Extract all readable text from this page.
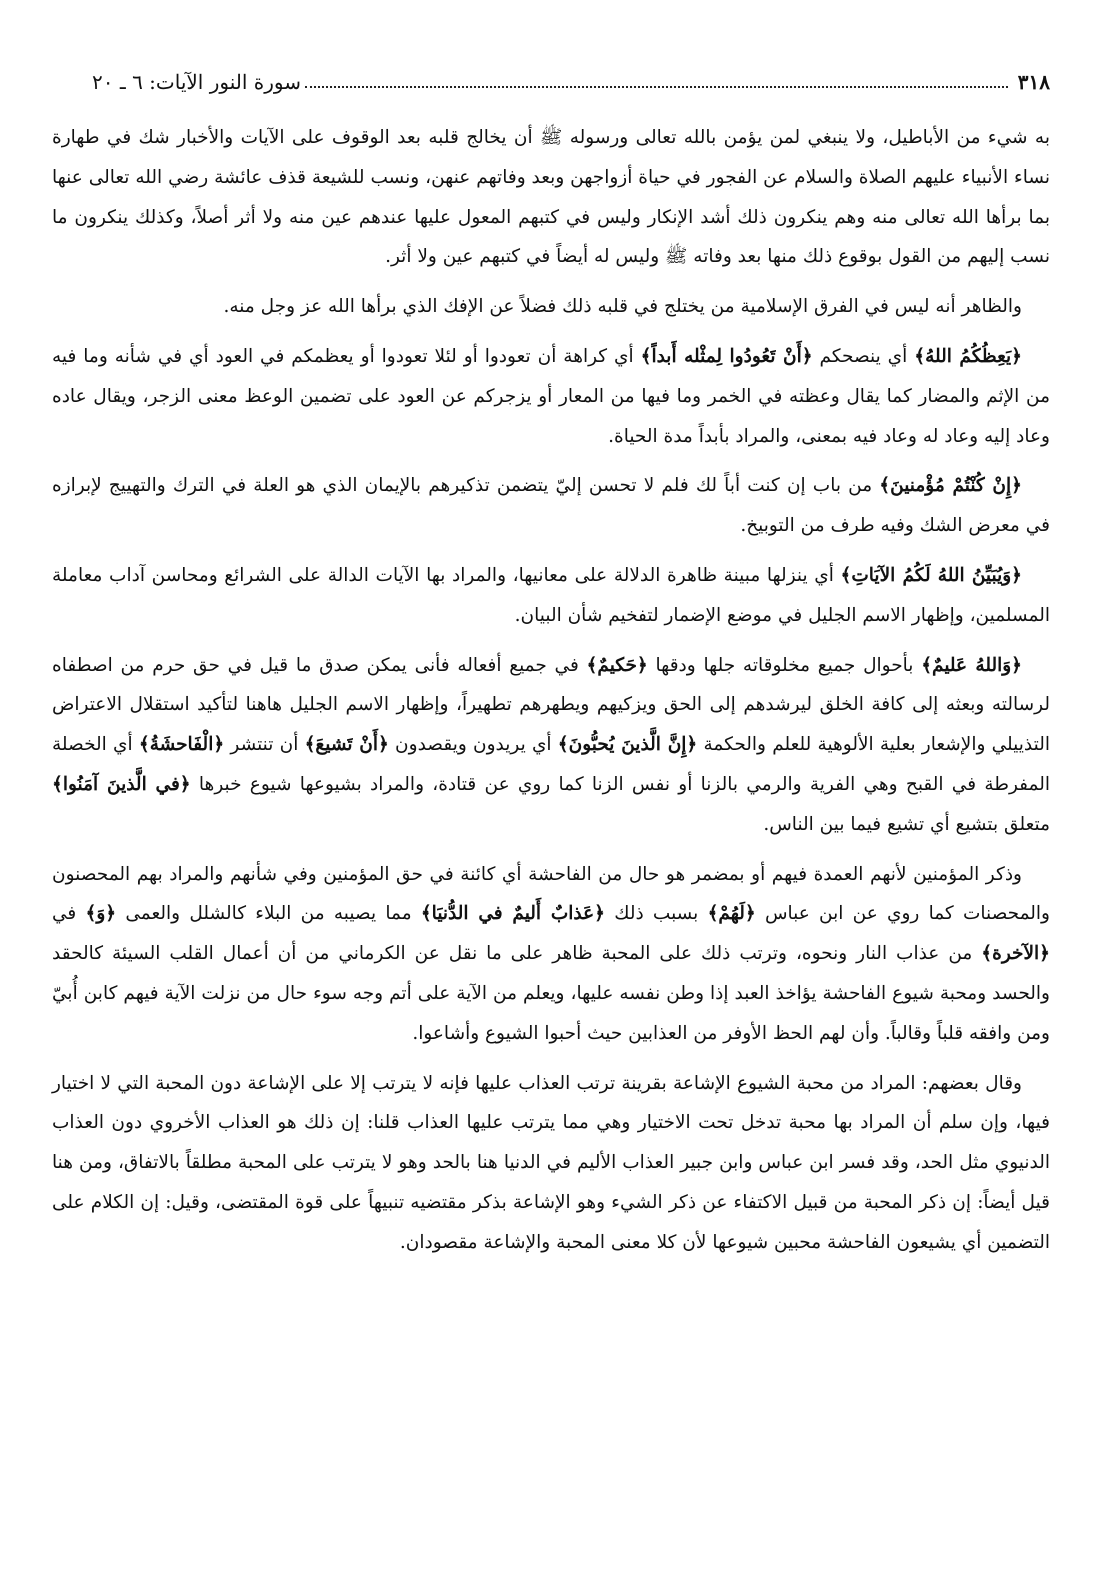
٣١٨
سورة النور الآيات: ٦ ـ ٢٠

به شيء من الأباطيل، ولا ينبغي لمن يؤمن بالله تعالى ورسوله ﷺ أن يخالج قلبه بعد الوقوف على الآيات والأخبار شك في طهارة نساء الأنبياء عليهم الصلاة والسلام عن الفجور في حياة أزواجهن وبعد وفاتهم عنهن، ونسب للشيعة قذف عائشة رضي الله تعالى عنها بما برأها الله تعالى منه وهم ينكرون ذلك أشد الإنكار وليس في كتبهم المعول عليها عندهم عين منه ولا أثر أصلاً، وكذلك ينكرون ما نسب إليهم من القول بوقوع ذلك منها بعد وفاته ﷺ وليس له أيضاً في كتبهم عين ولا أثر.

والظاهر أنه ليس في الفرق الإسلامية من يختلج في قلبه ذلك فضلاً عن الإفك الذي برأها الله عز وجل منه.

﴿يَعِظُكُمُ اللهُ﴾ أي ينصحكم ﴿أَنْ تَعُودُوا لِمثْله أَبداً﴾ أي كراهة أن تعودوا أو لئلا تعودوا أو يعظمكم في العود أي في شأنه وما فيه من الإثم والمضار كما يقال وعظته في الخمر وما فيها من المعار أو يزجركم عن العود على تضمين الوعظ معنى الزجر، ويقال عاده وعاد إليه وعاد له وعاد فيه بمعنى، والمراد بأبداً مدة الحياة.

﴿إِنْ كُنْتُمْ مُؤْمنينَ﴾ من باب إن كنت أباً لك فلم لا تحسن إليّ يتضمن تذكيرهم بالإيمان الذي هو العلة في الترك والتهييج لإبرازه في معرض الشك وفيه طرف من التوبيخ.

﴿وَيُبَيِّنُ اللهُ لَكُمُ الآيَاتِ﴾ أي ينزلها مبينة ظاهرة الدلالة على معانيها، والمراد بها الآيات الدالة على الشرائع ومحاسن آداب معاملة المسلمين، وإظهار الاسم الجليل في موضع الإضمار لتفخيم شأن البيان.

﴿وَاللهُ عَليمٌ﴾ بأحوال جميع مخلوقاته جلها ودقها ﴿حَكيمٌ﴾ في جميع أفعاله فأنى يمكن صدق ما قيل في حق حرم من اصطفاه لرسالته وبعثه إلى كافة الخلق ليرشدهم إلى الحق ويزكيهم ويطهرهم تطهيراً، وإظهار الاسم الجليل هاهنا لتأكيد استقلال الاعتراض التذييلي والإشعار بعلية الألوهية للعلم والحكمة ﴿إِنَّ الَّذينَ يُحبُّونَ﴾ أي يريدون ويقصدون ﴿أَنْ تَشيعَ﴾ أن تنتشر ﴿الْفَاحشَةُ﴾ أي الخصلة المفرطة في القبح وهي الفرية والرمي بالزنا أو نفس الزنا كما روي عن قتادة، والمراد بشيوعها شيوع خبرها ﴿في الَّذينَ آمَنُوا﴾ متعلق بتشيع أي تشيع فيما بين الناس.

وذكر المؤمنين لأنهم العمدة فيهم أو بمضمر هو حال من الفاحشة أي كائنة في حق المؤمنين وفي شأنهم والمراد بهم المحصنون والمحصنات كما روي عن ابن عباس ﴿لَهُمْ﴾ بسبب ذلك ﴿عَذابٌ أَليمٌ في الدُّنيَا﴾ مما يصيبه من البلاء كالشلل والعمى ﴿وَ﴾ في ﴿الآخرة﴾ من عذاب النار ونحوه، وترتب ذلك على المحبة ظاهر على ما نقل عن الكرماني من أن أعمال القلب السيئة كالحقد والحسد ومحبة شيوع الفاحشة يؤاخذ العبد إذا وطن نفسه عليها، ويعلم من الآية على أتم وجه سوء حال من نزلت الآية فيهم كابن أُبيّ ومن وافقه قلباً وقالباً. وأن لهم الحظ الأوفر من العذابين حيث أحبوا الشيوع وأشاعوا.

وقال بعضهم: المراد من محبة الشيوع الإشاعة بقرينة ترتب العذاب عليها فإنه لا يترتب إلا على الإشاعة دون المحبة التي لا اختيار فيها، وإن سلم أن المراد بها محبة تدخل تحت الاختيار وهي مما يترتب عليها العذاب قلنا: إن ذلك هو العذاب الأخروي دون العذاب الدنيوي مثل الحد، وقد فسر ابن عباس وابن جبير العذاب الأليم في الدنيا هنا بالحد وهو لا يترتب على المحبة مطلقاً بالاتفاق، ومن هنا قيل أيضاً: إن ذكر المحبة من قبيل الاكتفاء عن ذكر الشيء وهو الإشاعة بذكر مقتضيه تنبيهاً على قوة المقتضى، وقيل: إن الكلام على التضمين أي يشيعون الفاحشة محبين شيوعها لأن كلا معنى المحبة والإشاعة مقصودان.
